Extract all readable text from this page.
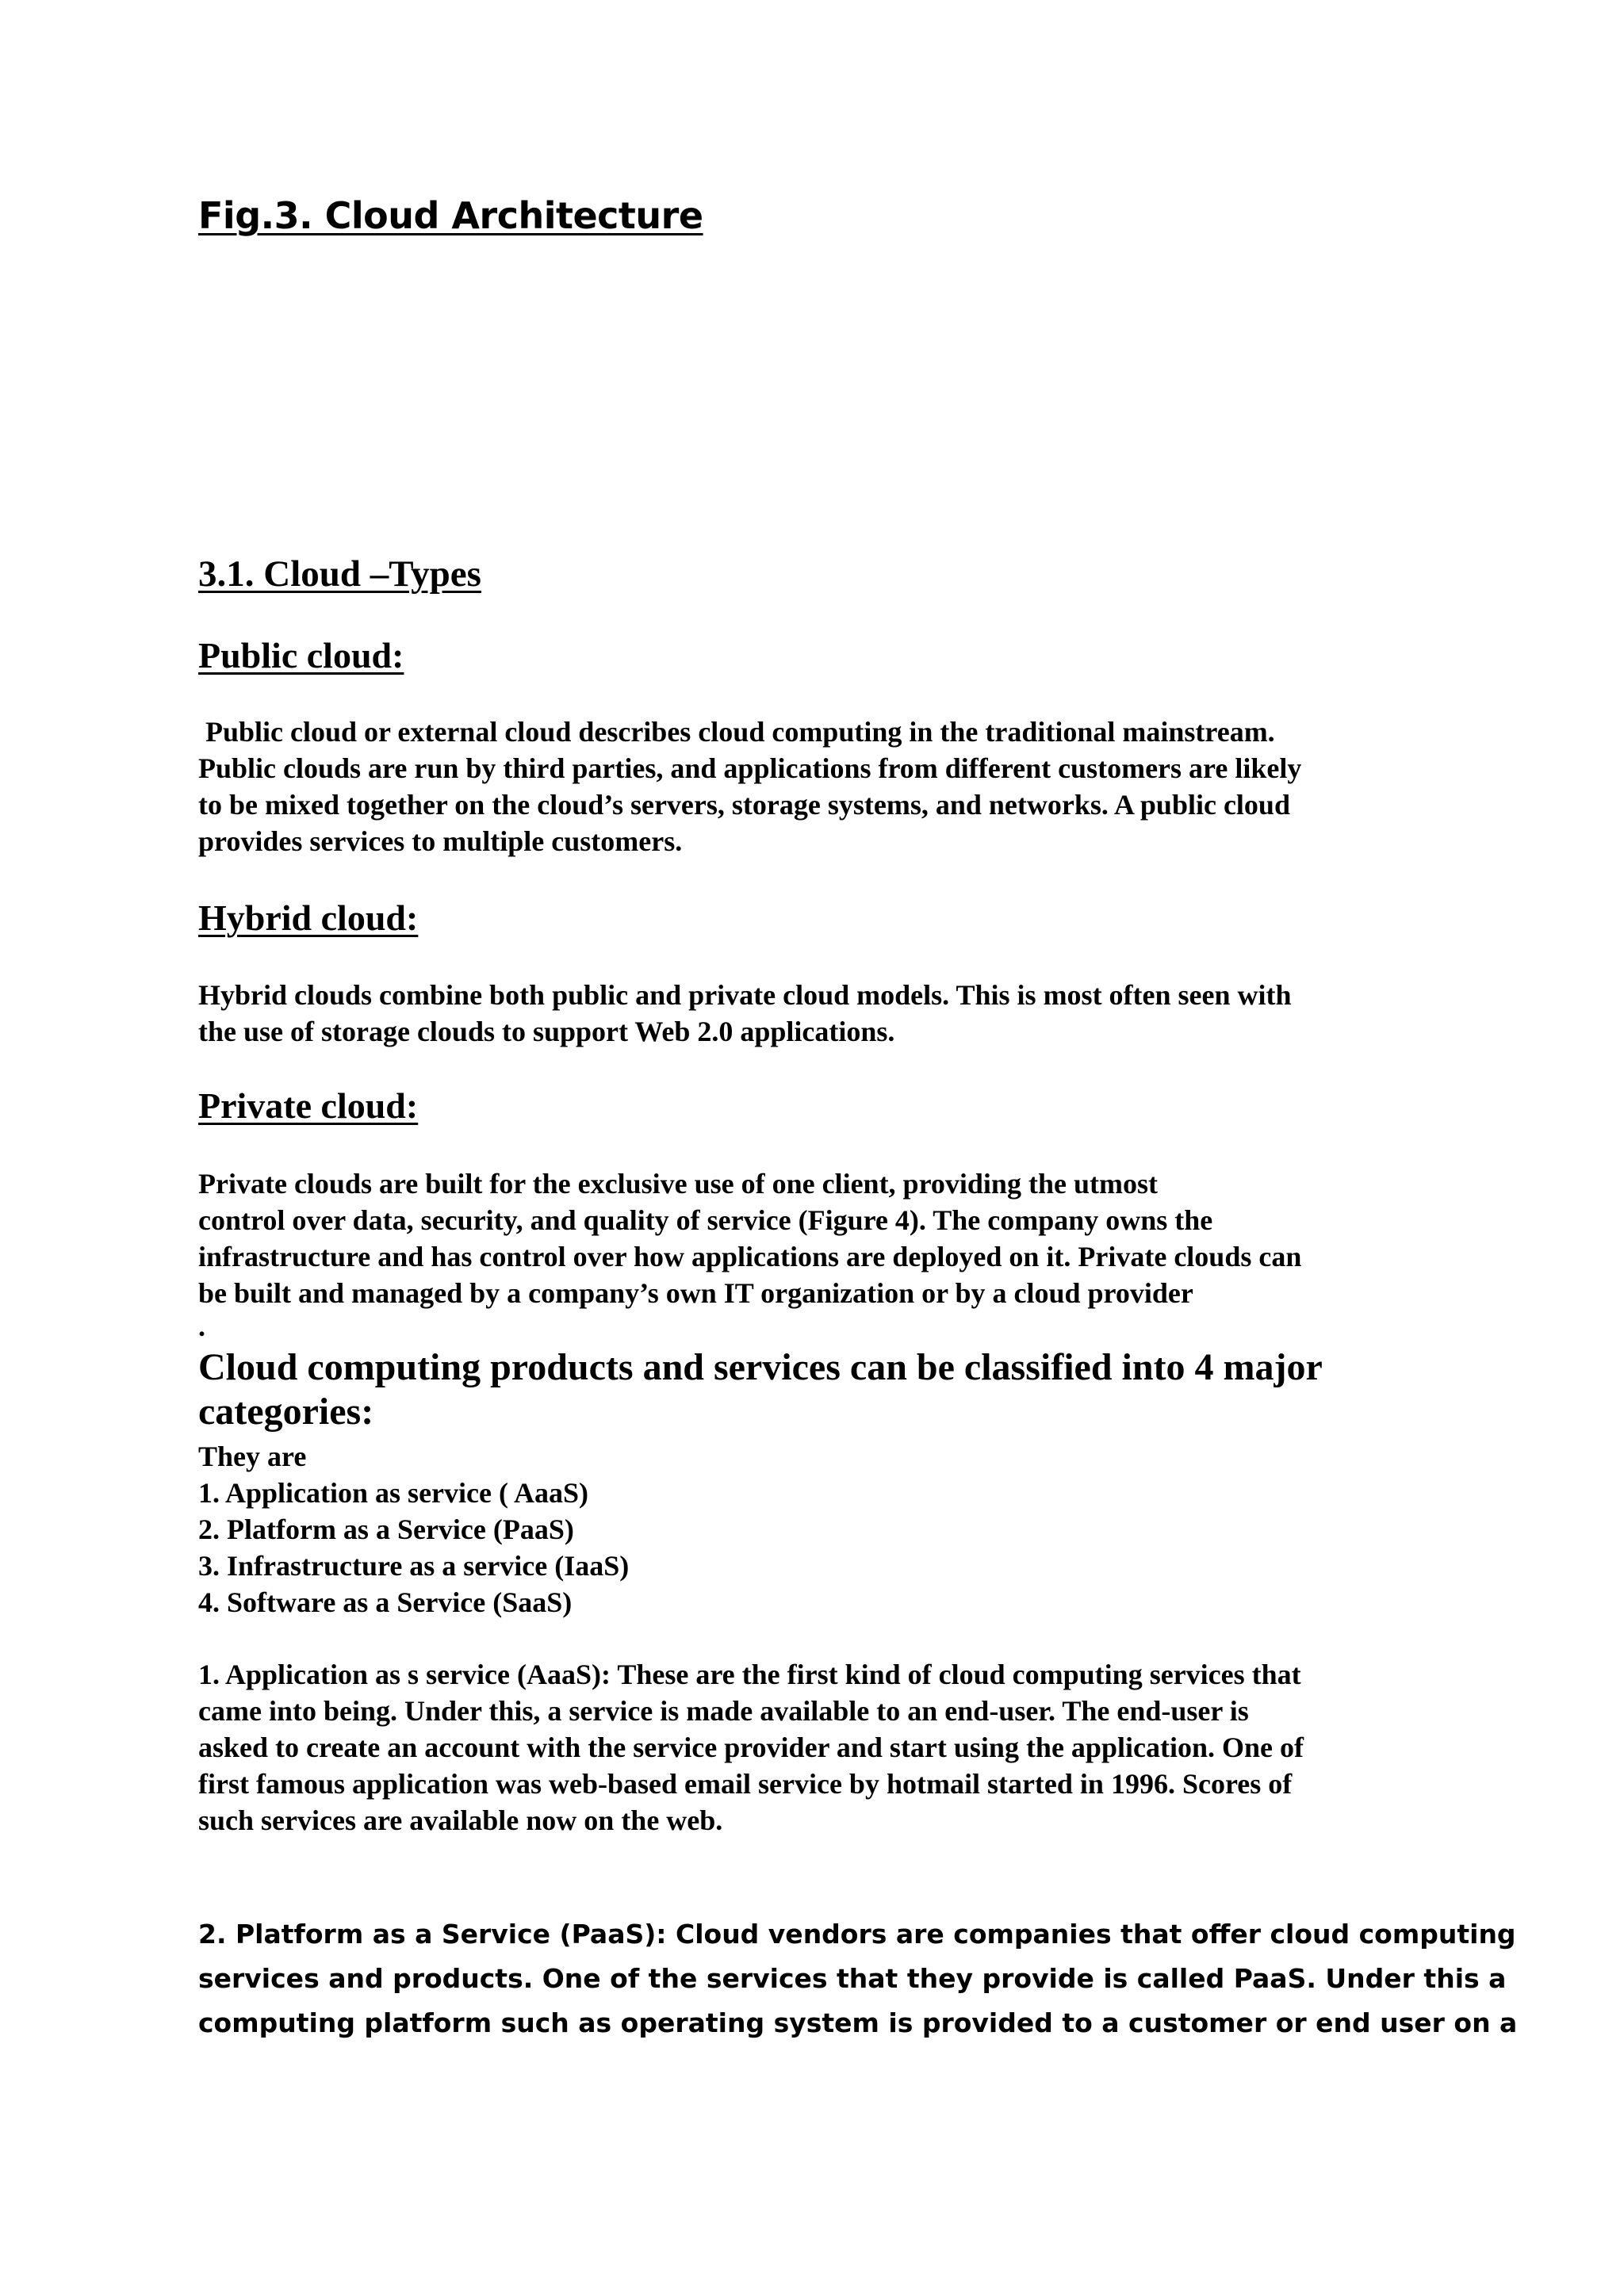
Fig.3. Cloud Architecture
3.1. Cloud –Types
Public cloud:
Public cloud or external cloud describes cloud computing in the traditional mainstream.
Public clouds are run by third parties, and applications from different customers are likely
to be mixed together on the cloud’s servers, storage systems, and networks. A public cloud
provides services to multiple customers.
Hybrid cloud:
Hybrid clouds combine both public and private cloud models. This is most often seen with
the use of storage clouds to support Web 2.0 applications.
Private cloud:
Private clouds are built for the exclusive use of one client, providing the utmost
control over data, security, and quality of service (Figure 4). The company owns the
infrastructure and has control over how applications are deployed on it. Private clouds can
be built and managed by a company’s own IT organization or by a cloud provider
.
Cloud computing products and services can be classified into 4 major
categories:
They are
1. Application as service ( AaaS)
2. Platform as a Service (PaaS)
3. Infrastructure as a service (IaaS)
4. Software as a Service (SaaS)
1. Application as s service (AaaS): These are the first kind of cloud computing services that
came into being. Under this, a service is made available to an end-user. The end-user is
asked to create an account with the service provider and start using the application. One of
first famous application was web-based email service by hotmail started in 1996. Scores of
such services are available now on the web.
2. Platform as a Service (PaaS): Cloud vendors are companies that offer cloud computing
services and products. One of the services that they provide is called PaaS. Under this a
computing platform such as operating system is provided to a customer or end user on a
